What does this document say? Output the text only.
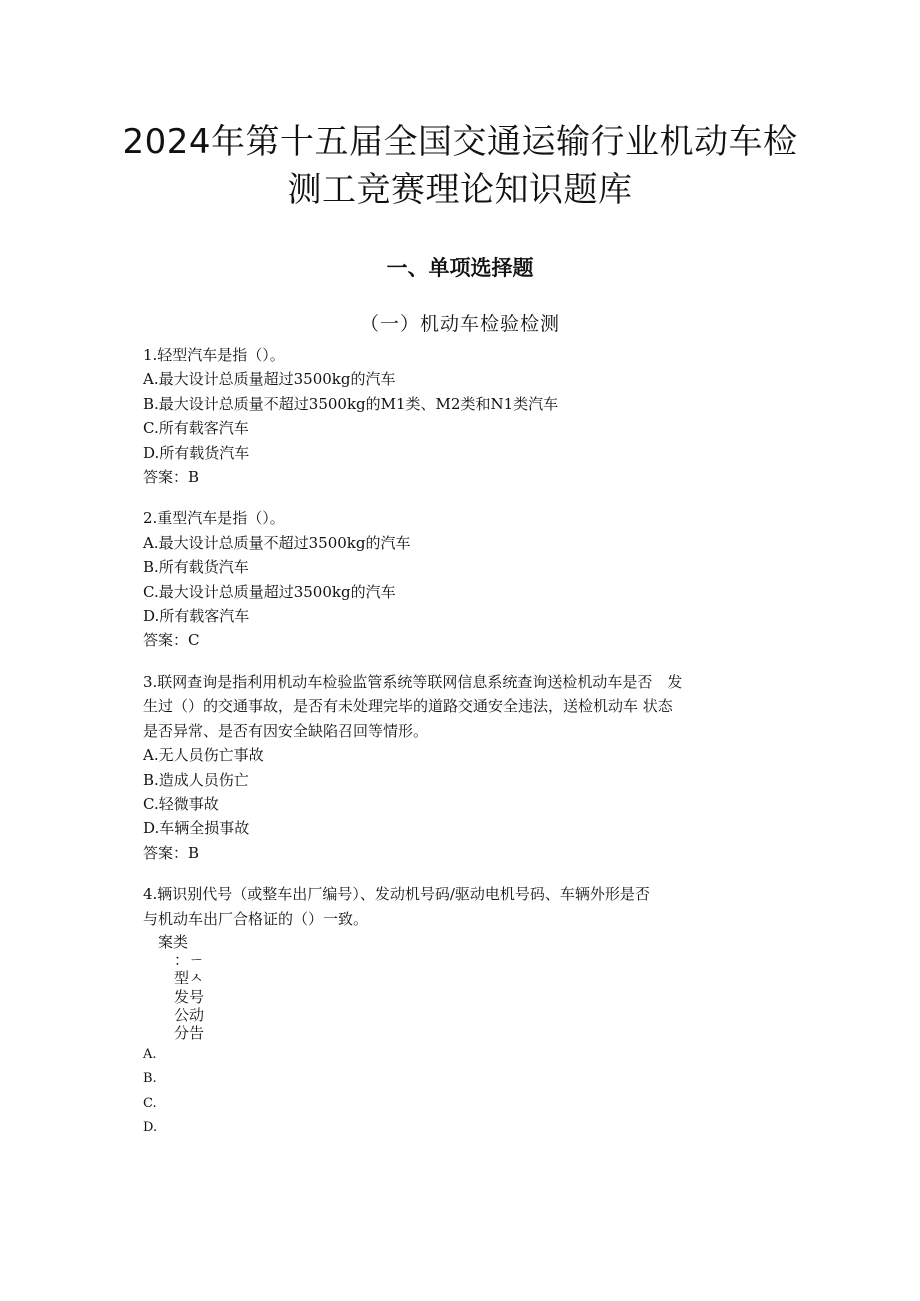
2024年第十五届全国交通运输行业机动车检
测工竞赛理论知识题库
一、单项选择题
（一）机动车检验检测

1.轻型汽车是指（）。

A.最大设计总质量超过3500kg的汽车

B.最大设计总质量不超过3500kg的M1类、M2类和N1类汽车

C.所有载客汽车

D.所有载货汽车

答案：B

2.重型汽车是指（）。

A.最大设计总质量不超过3500kg的汽车

B.所有载货汽车

C.最大设计总质量超过3500kg的汽车

D.所有载客汽车

答案：C

3.联网查询是指利用机动车检验监管系统等联网信息系统查询送检机动车是否　发

生过（）的交通事故，是否有未处理完毕的道路交通安全违法，送检机动车 状态

是否异常、是否有因安全缺陷召回等情形。

A.无人员伤亡事故

B.造成人员伤亡

C.轻微事故

D.车辆全损事故

答案：B

4.辆识别代号（或整车出厂编号）、发动机号码/驱动电机号码、车辆外形是否

与机动车出厂合格证的（）一致。

案类
：ㄧ
型ㅅ
发号
公动
分告

A.

B.

C.

D.
